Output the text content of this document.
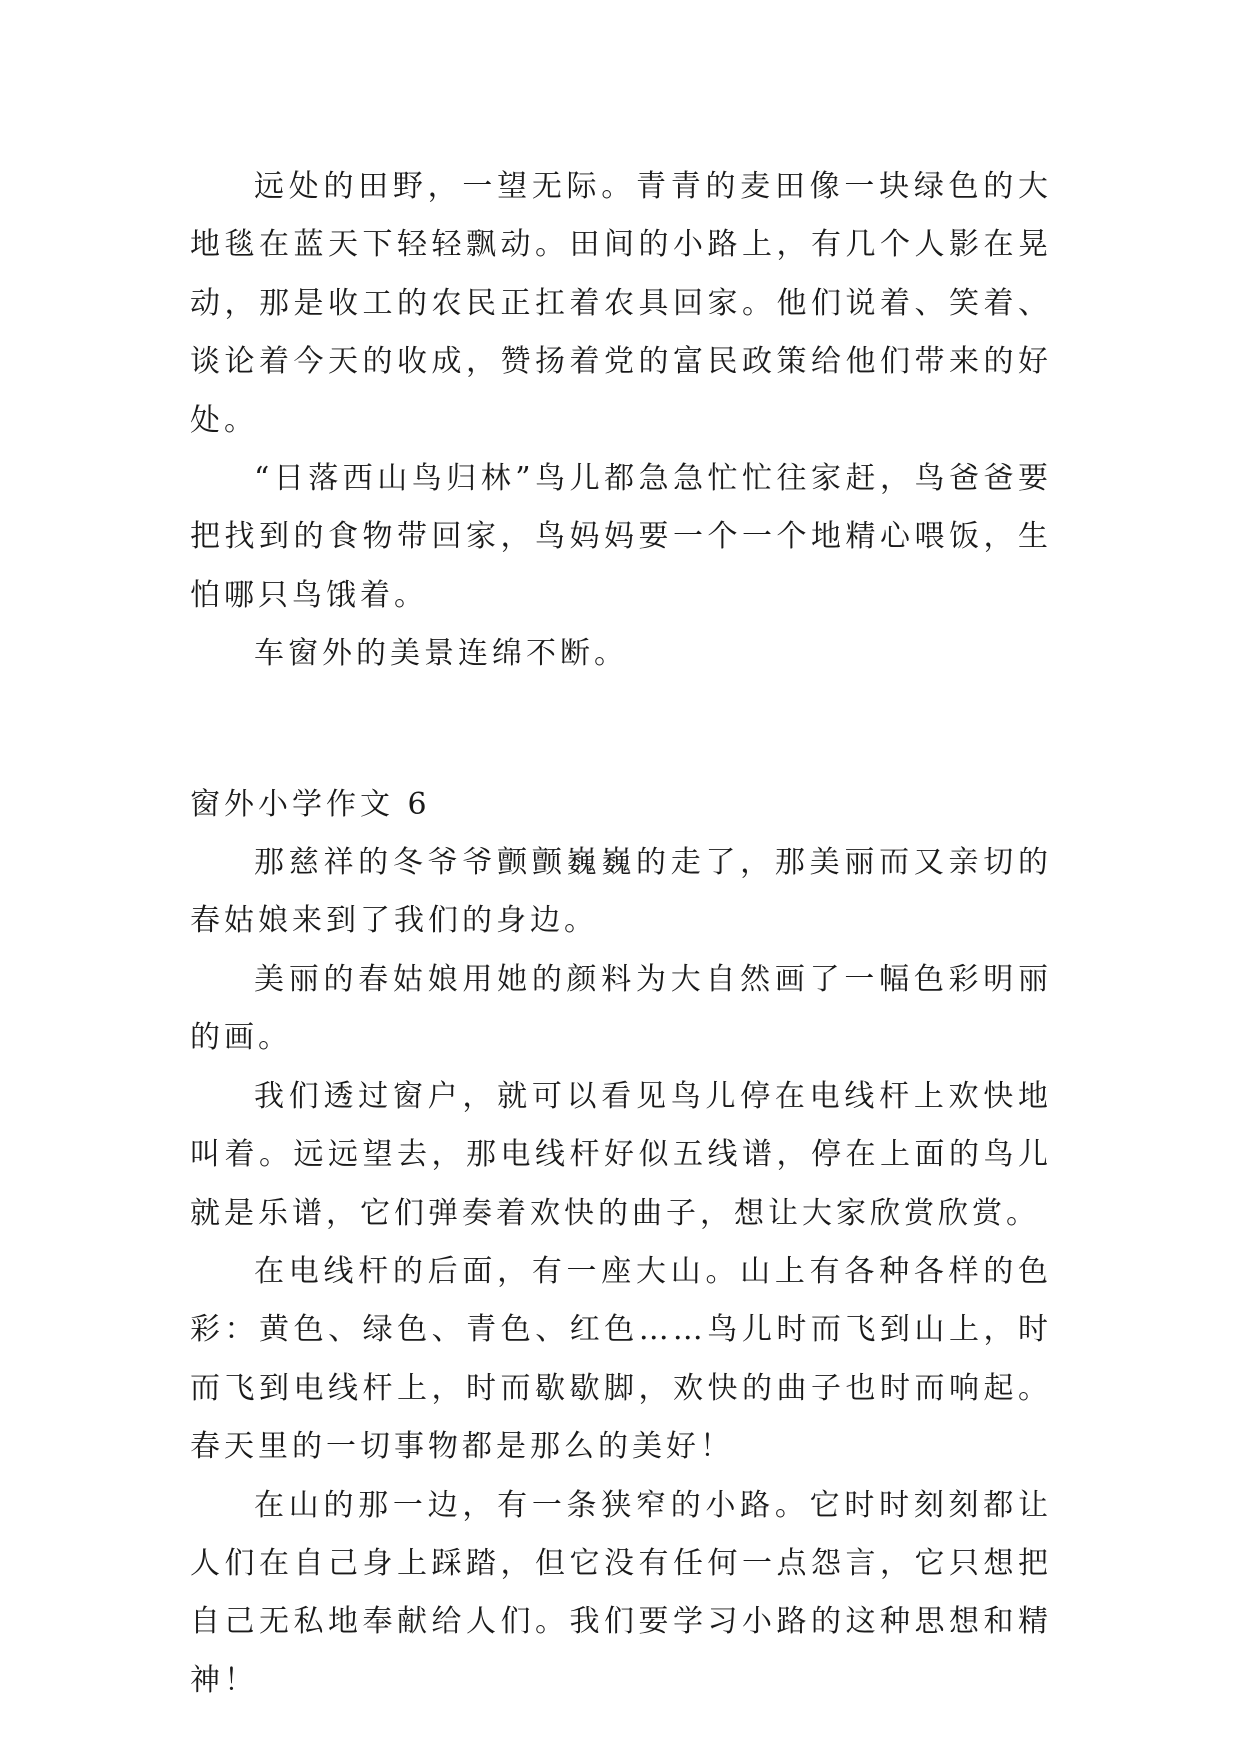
远处的田野，一望无际。青青的麦田像一块绿色的大地毯在蓝天下轻轻飘动。田间的小路上，有几个人影在晃动，那是收工的农民正扛着农具回家。他们说着、笑着、谈论着今天的收成，赞扬着党的富民政策给他们带来的好处。

“日落西山鸟归林”鸟儿都急急忙忙往家赶，鸟爸爸要把找到的食物带回家，鸟妈妈要一个一个地精心喂饭，生怕哪只鸟饿着。

车窗外的美景连绵不断。

窗外小学作文 6

那慈祥的冬爷爷颤颤巍巍的走了，那美丽而又亲切的春姑娘来到了我们的身边。

美丽的春姑娘用她的颜料为大自然画了一幅色彩明丽的画。

我们透过窗户，就可以看见鸟儿停在电线杆上欢快地叫着。远远望去，那电线杆好似五线谱，停在上面的鸟儿就是乐谱，它们弹奏着欢快的曲子，想让大家欣赏欣赏。

在电线杆的后面，有一座大山。山上有各种各样的色彩：黄色、绿色、青色、红色……鸟儿时而飞到山上，时而飞到电线杆上，时而歇歇脚，欢快的曲子也时而响起。春天里的一切事物都是那么的美好！

在山的那一边，有一条狭窄的小路。它时时刻刻都让人们在自己身上踩踏，但它没有任何一点怨言，它只想把自己无私地奉献给人们。我们要学习小路的这种思想和精神！
